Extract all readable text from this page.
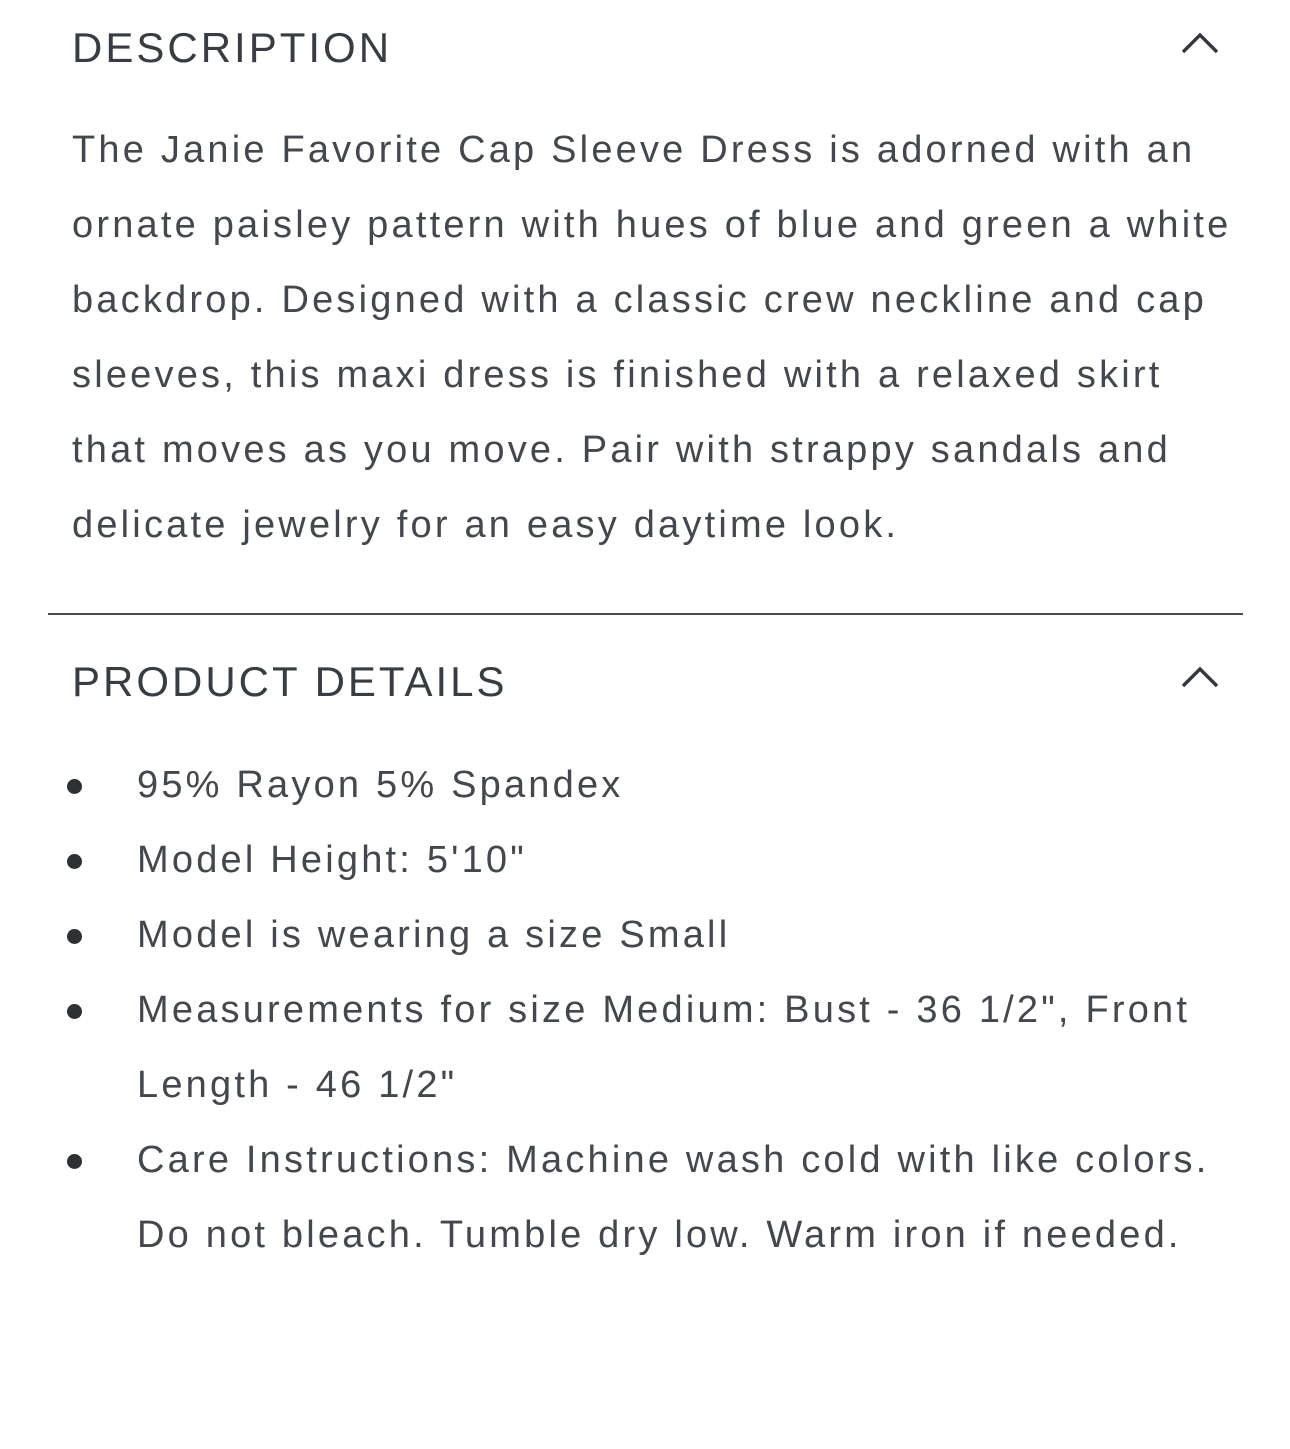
DESCRIPTION

The Janie Favorite Cap Sleeve Dress is adorned with an ornate paisley pattern with hues of blue and green a white backdrop. Designed with a classic crew neckline and cap sleeves, this maxi dress is finished with a relaxed skirt that moves as you move. Pair with strappy sandals and delicate jewelry for an easy daytime look.

PRODUCT DETAILS
95% Rayon 5% Spandex
Model Height: 5'10"
Model is wearing a size Small
Measurements for size Medium: Bust - 36 1/2", Front Length - 46 1/2"
Care Instructions: Machine wash cold with like colors. Do not bleach. Tumble dry low. Warm iron if needed.
